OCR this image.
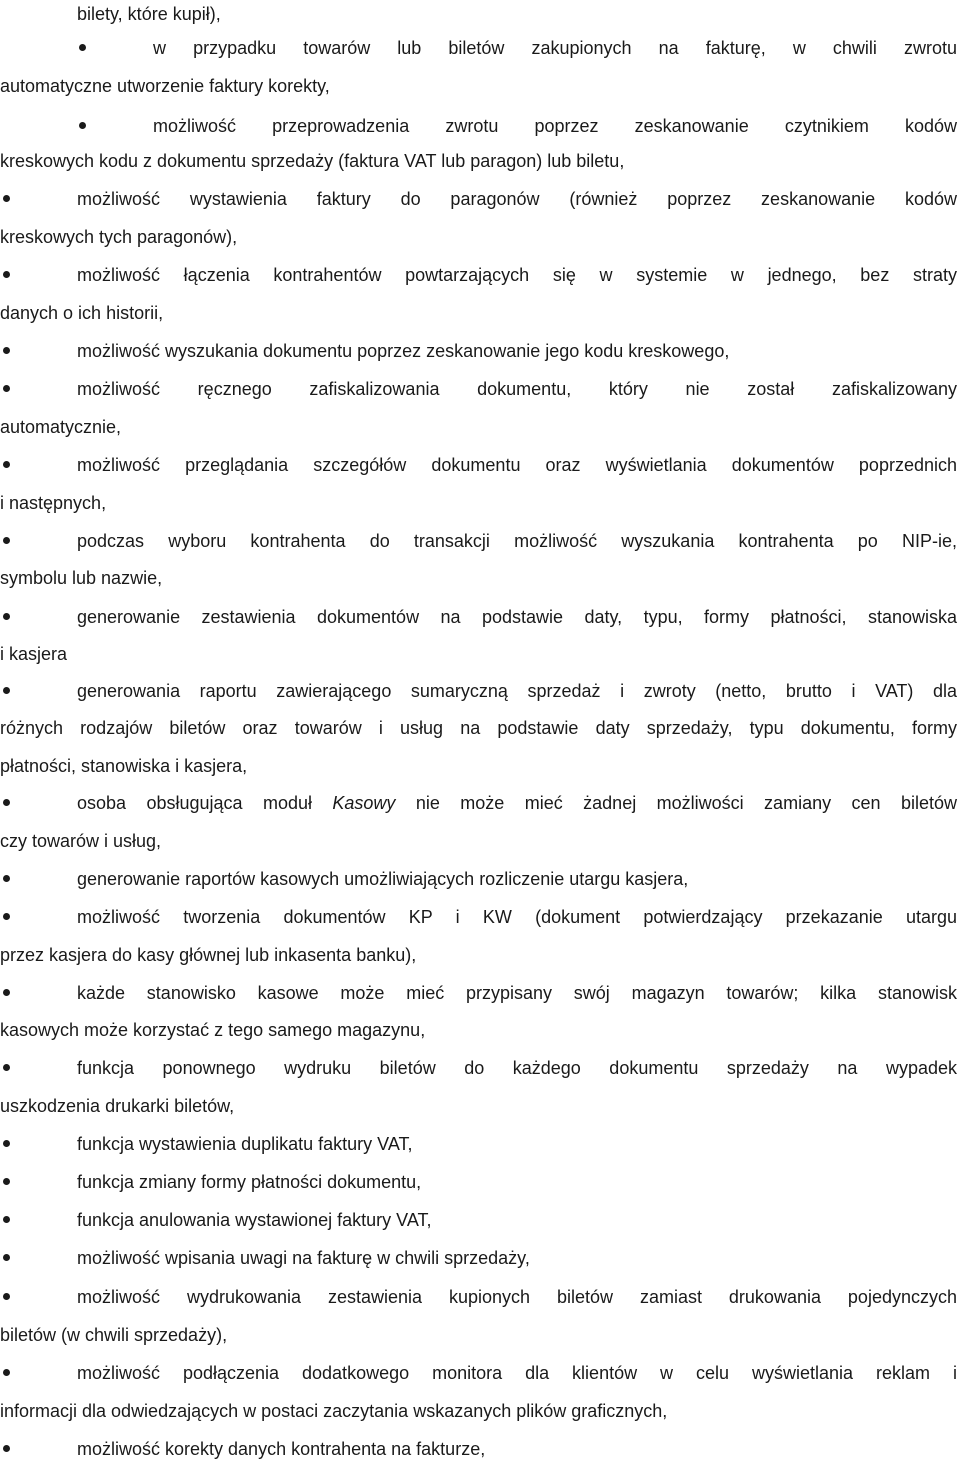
bilety, które kupił),
w przypadku towarów lub biletów zakupionych na fakturę, w chwili zwrotu
automatyczne utworzenie faktury korekty,
możliwość przeprowadzenia zwrotu poprzez zeskanowanie czytnikiem kodów
kreskowych kodu z dokumentu sprzedaży (faktura VAT lub paragon) lub biletu,
możliwość wystawienia faktury do paragonów (również poprzez zeskanowanie kodów
kreskowych tych paragonów),
możliwość łączenia kontrahentów powtarzających się w systemie w jednego, bez straty
danych o ich historii,
możliwość wyszukania dokumentu poprzez zeskanowanie jego kodu kreskowego,
możliwość ręcznego zafiskalizowania dokumentu, który nie został zafiskalizowany
automatycznie,
możliwość przeglądania szczegółów dokumentu oraz wyświetlania dokumentów poprzednich
i następnych,
podczas wyboru kontrahenta do transakcji możliwość wyszukania kontrahenta po NIP-ie,
symbolu lub nazwie,
generowanie zestawienia dokumentów na podstawie daty, typu, formy płatności, stanowiska
i kasjera
generowania raportu zawierającego sumaryczną sprzedaż i zwroty (netto, brutto i VAT) dla
różnych rodzajów biletów oraz towarów i usług na podstawie daty sprzedaży, typu dokumentu, formy
płatności, stanowiska i kasjera,
osoba obsługująca moduł Kasowy nie może mieć żadnej możliwości zamiany cen biletów
czy towarów i usług,
generowanie raportów kasowych umożliwiających rozliczenie utargu kasjera,
możliwość tworzenia dokumentów KP i KW (dokument potwierdzający przekazanie utargu
przez kasjera do kasy głównej lub inkasenta banku),
każde stanowisko kasowe może mieć przypisany swój magazyn towarów; kilka stanowisk
kasowych może korzystać z tego samego magazynu,
funkcja ponownego wydruku biletów do każdego dokumentu sprzedaży na wypadek
uszkodzenia drukarki biletów,
funkcja wystawienia duplikatu faktury VAT,
funkcja zmiany formy płatności dokumentu,
funkcja anulowania wystawionej faktury VAT,
możliwość wpisania uwagi na fakturę w chwili sprzedaży,
możliwość wydrukowania zestawienia kupionych biletów zamiast drukowania pojedynczych
biletów (w chwili sprzedaży),
możliwość podłączenia dodatkowego monitora dla klientów w celu wyświetlania reklam i
informacji dla odwiedzających w postaci zaczytania wskazanych plików graficznych,
możliwość korekty danych kontrahenta na fakturze,
